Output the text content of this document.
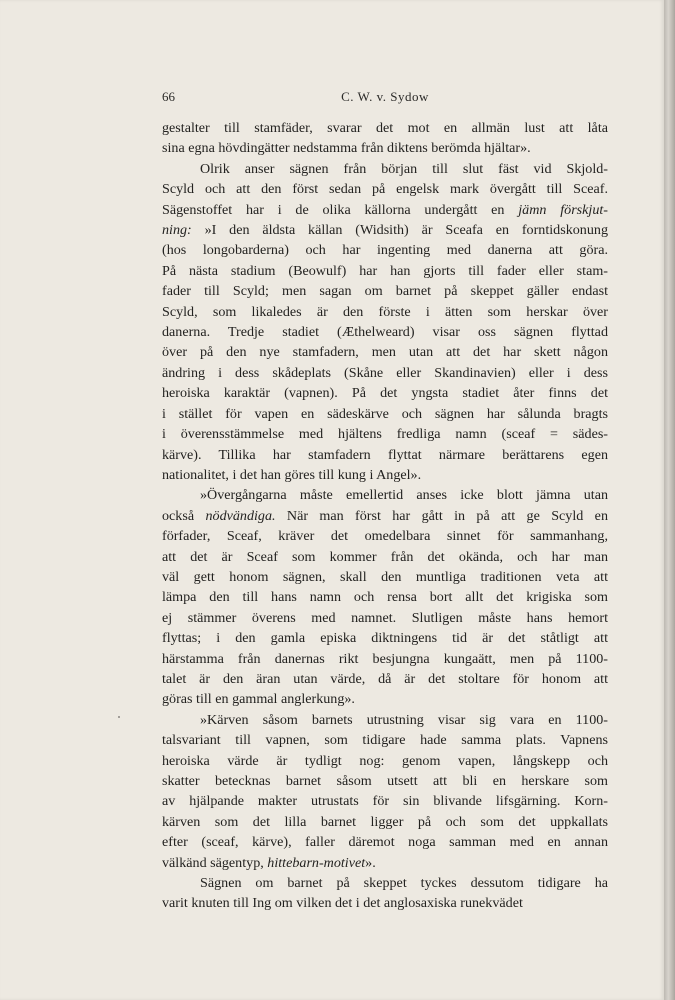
66	C. W. v. Sydow
gestalter till stamfäder, svarar det mot en allmän lust att låta
sina egna hövdingätter nedstamma från diktens berömda hjältar».
Olrik anser sägnen från början till slut fäst vid Skjold-
Scyld och att den först sedan på engelsk mark övergått till Sceaf.
Sägenstoffet har i de olika källorna undergått en jämn förskjut-
ning: »I den äldsta källan (Widsith) är Sceafa en forntidskonung
(hos longobarderna) och har ingenting med danerna att göra.
På nästa stadium (Beowulf) har han gjorts till fader eller stam-
fader till Scyld; men sagan om barnet på skeppet gäller endast
Scyld, som likaledes är den förste i ätten som herskar över
danerna. Tredje stadiet (Æthelweard) visar oss sägnen flyttad
över på den nye stamfadern, men utan att det har skett någon
ändring i dess skådeplats (Skåne eller Skandinavien) eller i dess
heroiska karaktär (vapnen). På det yngsta stadiet åter finns det
i stället för vapen en sädeskärve och sägnen har sålunda bragts
i överensstämmelse med hjältens fredliga namn (sceaf = sädes-
kärve). Tillika har stamfadern flyttat närmare berättarens egen
nationalitet, i det han göres till kung i Angel».
»Övergångarna måste emellertid anses icke blott jämna utan
också nödvändiga. När man först har gått in på att ge Scyld en
förfader, Sceaf, kräver det omedelbara sinnet för sammanhang,
att det är Sceaf som kommer från det okända, och har man
väl gett honom sägnen, skall den muntliga traditionen veta att
lämpa den till hans namn och rensa bort allt det krigiska som
ej stämmer överens med namnet. Slutligen måste hans hemort
flyttas; i den gamla episka diktningens tid är det ståtligt att
härstamma från danernas rikt besjungna kungaätt, men på 1100-
talet är den äran utan värde, då är det stoltare för honom att
göras till en gammal anglerkung».
»Kärven såsom barnets utrustning visar sig vara en 1100-
talsvariant till vapnen, som tidigare hade samma plats. Vapnens
heroiska värde är tydligt nog: genom vapen, långskepp och
skatter betecknas barnet såsom utsett att bli en herskare som
av hjälpande makter utrustats för sin blivande lifsgärning. Korn-
kärven som det lilla barnet ligger på och som det uppkallats
efter (sceaf, kärve), faller däremot noga samman med en annan
välkänd sägentyp, hittebarn-motivet».
Sägnen om barnet på skeppet tyckes dessutom tidigare ha
varit knuten till Ing om vilken det i det anglosaxiska runekvädet
